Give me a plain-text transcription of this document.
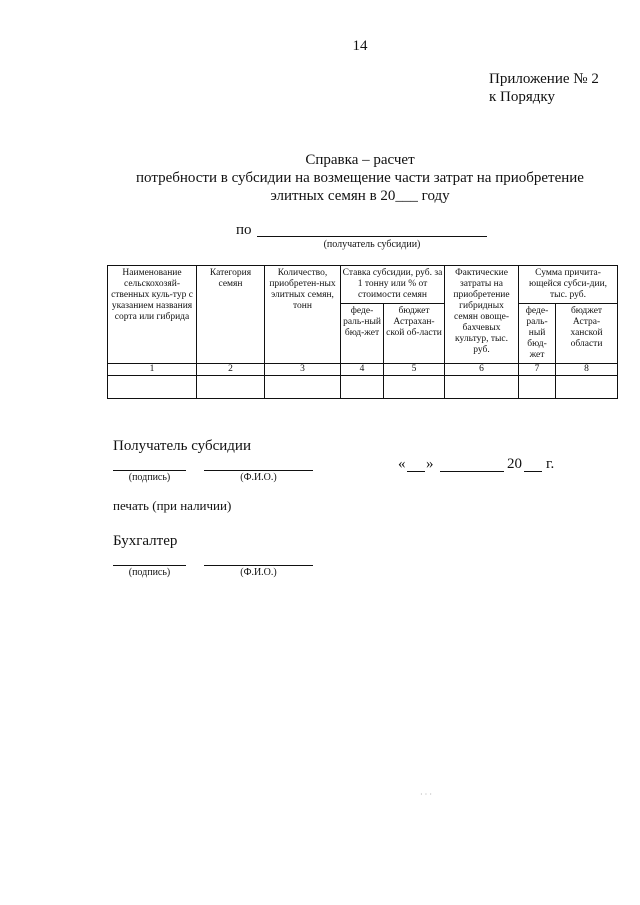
14
Приложение № 2
к Порядку
Справка – расчет
потребности в субсидии на возмещение части затрат на приобретение
элитных семян в 20___ году
по
(получатель субсидии)
Наименование сельскохозяй-ственных куль-тур с указанием названия сорта или гибрида	Категория семян	Количество, приобретен-ных элитных семян, тонн	Ставка субсидии, руб. за 1 тонну или % от стоимости семян		Фактические затраты на приобретение гибридных семян овоще-бахчевых культур, тыс. руб.	Сумма причита-ющейся субси-дии, тыс. руб.	
			феде-раль-ный бюд-жет	бюджет Астрахан-ской об-ласти		феде-раль-ный бюд-жет	бюджет Астра-ханской области
1	2	3	4	5	6	7	8

Получатель субсидии
(подпись)	(Ф.И.О.)
« »	20 г.
печать (при наличии)
Бухгалтер
(подпись)	(Ф.И.О.)
· · ·
